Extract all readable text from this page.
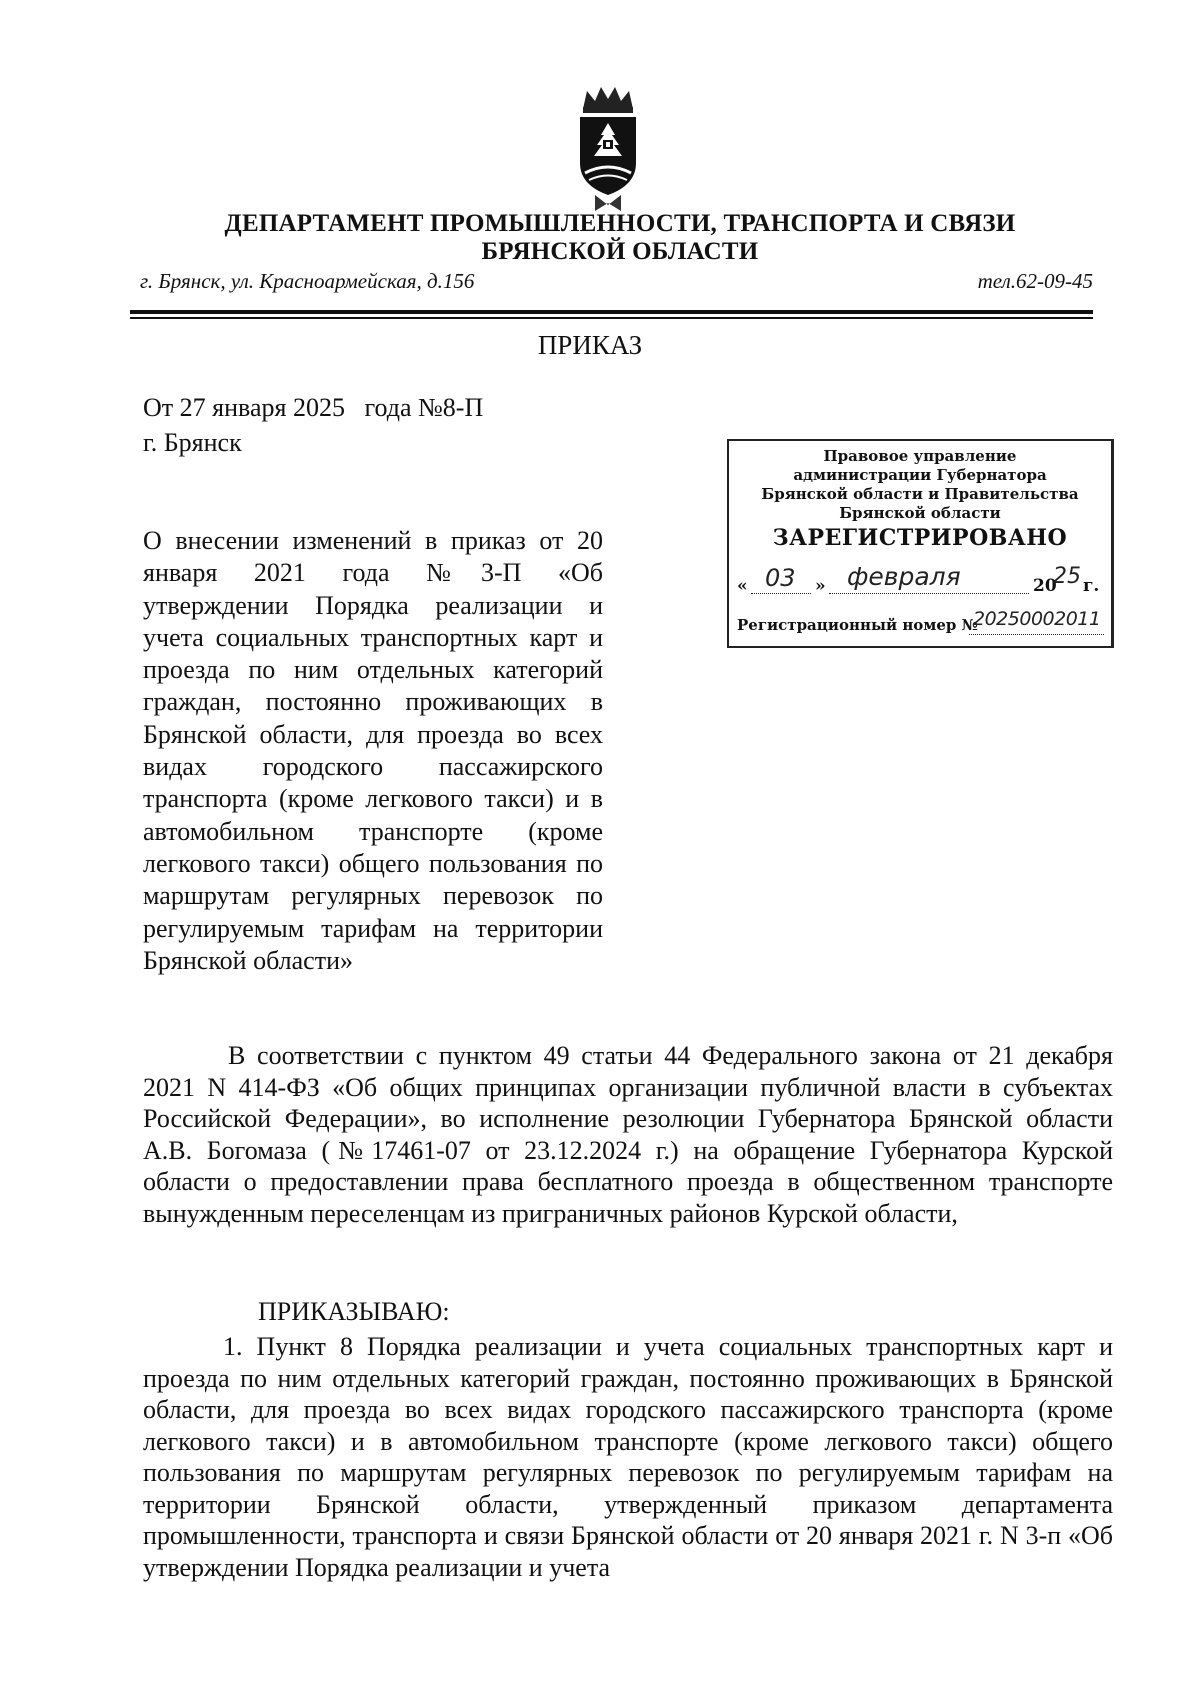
ДЕПАРТАМЕНТ ПРОМЫШЛЕННОСТИ, ТРАНСПОРТА И СВЯЗИ
БРЯНСКОЙ ОБЛАСТИ
г. Брянск, ул. Красноармейская, д.156	тел.62-09-45
ПРИКАЗ
От 27 января 2025   года №8-П
г. Брянск	Правовое управление
администрации Губернатора
Брянской области и Правительства
Брянской области
ЗАРЕГИСТРИРОВАНО
« 03 » февраля	20
25 г.
Регистрационный номер №
20250002011
О внесении изменений в приказ от 20 января 2021 года №3-П «Об утверждении Порядка реализации и учета социальных транспортных карт и проезда по ним отдельных категорий граждан, постоянно проживающих в Брянской области, для проезда во всех видах городского пассажирского транспорта (кроме легкового такси) и в автомобильном транспорте (кроме легкового такси) общего пользования по маршрутам регулярных перевозок по регулируемым тарифам на территории Брянской области»
В соответствии с пунктом 49 статьи 44 Федерального закона от 21 декабря 2021 N 414-ФЗ «Об общих принципах организации публичной власти в субъектах Российской Федерации», во исполнение резолюции Губернатора Брянской области А.В. Богомаза (№17461-07 от 23.12.2024 г.) на обращение Губернатора Курской области о предоставлении права бесплатного проезда в общественном транспорте вынужденным переселенцам из приграничных районов Курской области,
ПРИКАЗЫВАЮ:
1. Пункт 8 Порядка реализации и учета социальных транспортных карт и проезда по ним отдельных категорий граждан, постоянно проживающих в Брянской области, для проезда во всех видах городского пассажирского транспорта (кроме легкового такси) и в автомобильном транспорте (кроме легкового такси) общего пользования по маршрутам регулярных перевозок по регулируемым тарифам на территории Брянской области, утвержденный приказом департамента промышленности, транспорта и связи Брянской области от 20 января 2021 г. N 3-п «Об утверждении Порядка реализации и учета
